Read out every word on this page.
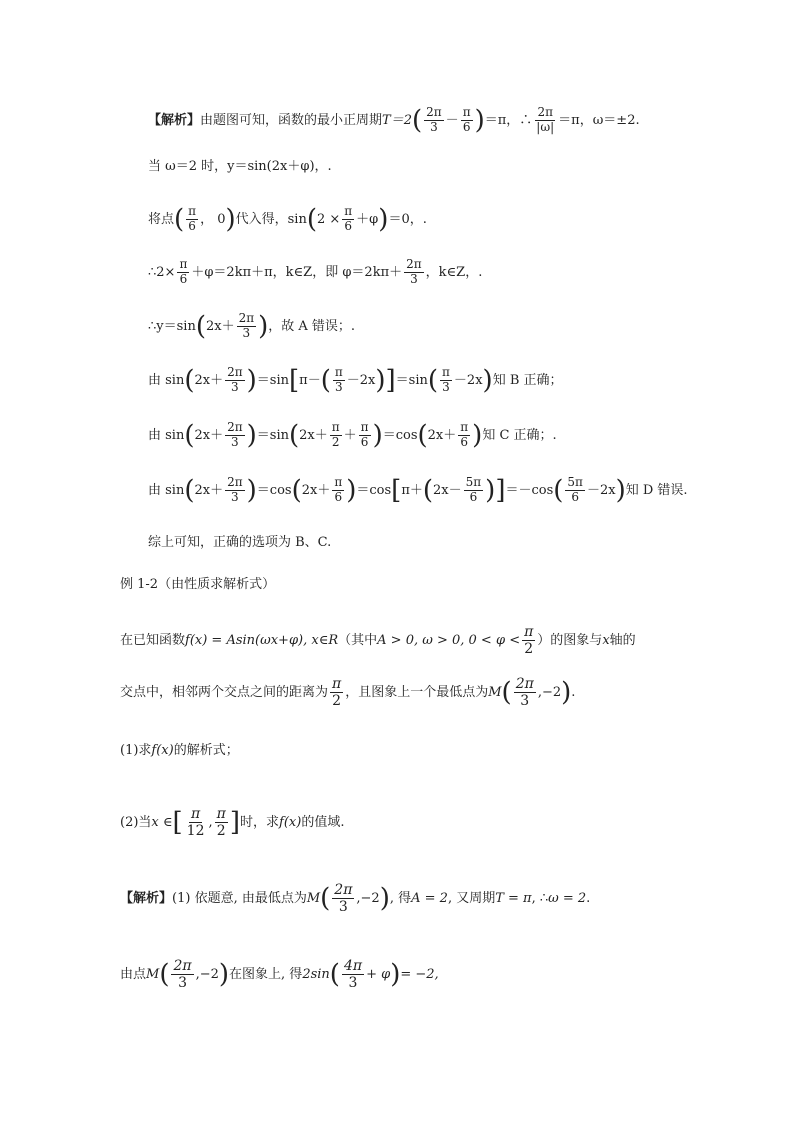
【解析】由题图可知，函数的最小正周期$T=2( \frac{2\pi}{3} - \frac{\pi}{6} )=\pi$，∴ $\frac{2\pi}{|\omega|} =\pi$，ω＝±2.
当 ω＝2 时，y＝sin(2x＋φ)，.
将点( $\frac{\pi}{6}$ ， 0)代入得，$\sin(2 \times \frac{\pi}{6} +\varphi)=0$，.
∴2× $\frac{\pi}{6} +\varphi=2k\pi+\pi$，k∈Z，即 $\varphi=2k\pi+ \frac{2\pi}{3}$ ，k∈Z，.
∴y＝sin(2x＋ $\frac{2\pi}{3}$ )，故 A 错误；.
由 $\sin(2x+ \frac{2\pi}{3} )=\sin[\pi-( \frac{\pi}{3} -2x)]=\sin( \frac{\pi}{3} -2x)$知 B 正确；
由 $\sin(2x+ \frac{2\pi}{3} )=\sin(2x+ \frac{\pi}{2} + \frac{\pi}{6} )=\cos(2x+ \frac{\pi}{6}$ )知 C 正确；.
由 $\sin(2x+ \frac{2\pi}{3} )=\cos(2x+ \frac{\pi}{6} )=\cos[\pi+(2x- \frac{5\pi}{6} )]=-\cos( \frac{5\pi}{6} -2x)$知 D 错误.
综上可知，正确的选项为 B、C.
例 1-2（由性质求解析式）
在已知函数f(x) = Asin(ωx+φ), x∈R（其中A > 0, ω > 0, $0 < \varphi < \frac{\pi}{2}$ ）的图象与x轴的
交点中，相邻两个交点之间的距离为 $\frac{\pi}{2}$ ，且图象上一个最低点为$M( \frac{2\pi}{3} ,-2)$.
(1)求f(x)的解析式；
(2)当x ∈[ $\frac{\pi}{12}$ , $\frac{\pi}{2}$ ]时，求f(x)的值域.
【解析】(1) 依题意, 由最低点为$M( \frac{2\pi}{3} ,-2)$, 得A = 2, 又周期T = π, ∴ω = 2.
由点$M( \frac{2\pi}{3} ,-2)$在图象上, 得$2\sin( \frac{4\pi}{3} + \varphi)= -2$,
